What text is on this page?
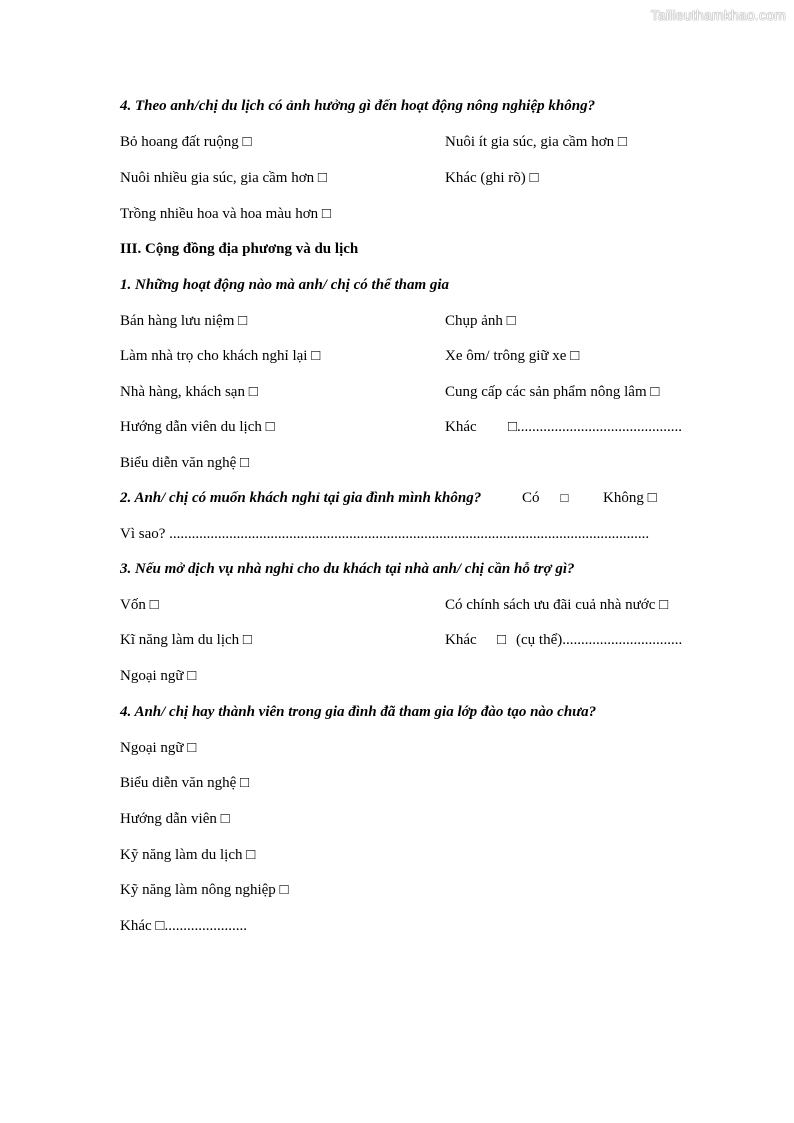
Tailieuthamkhao.com
4. Theo anh/chị du lịch có ảnh hưởng gì đến hoạt động nông nghiệp không?
Bỏ hoang đất ruộng □	Nuôi ít gia súc, gia cầm hơn □
Nuôi nhiều gia súc, gia cầm hơn □	Khác (ghi rõ) □
Trồng nhiều hoa và hoa màu hơn □
III. Cộng đồng địa phương và du lịch
1. Những hoạt động nào mà anh/ chị có thể tham gia
Bán hàng lưu niệm □	Chụp ảnh □
Làm nhà trọ cho khách nghỉ lại □	Xe ôm/ trông giữ xe □
Nhà hàng, khách sạn □	Cung cấp các sản phẩm nông lâm □
Hướng dẫn viên du lịch □	Khác □............................................
Biểu diễn văn nghệ □
2. Anh/ chị có muốn khách nghỉ tại gia đình mình không?	Có □ Không □
Vì sao? ................................................................................................................................
3. Nếu mở dịch vụ nhà nghỉ cho du khách tại nhà anh/ chị cần hỗ trợ gì?
Vốn □	Có chính sách ưu đãi cuả nhà nước □
Kĩ năng làm du lịch □	Khác □ (cụ thể)................................
Ngoại ngữ □
4. Anh/ chị hay thành viên trong gia đình đã tham gia lớp đào tạo nào chưa?
Ngoại ngữ □
Biểu diễn văn nghệ □
Hướng dẫn viên □
Kỹ năng làm du lịch □
Kỹ năng làm nông nghiệp □
Khác □......................
